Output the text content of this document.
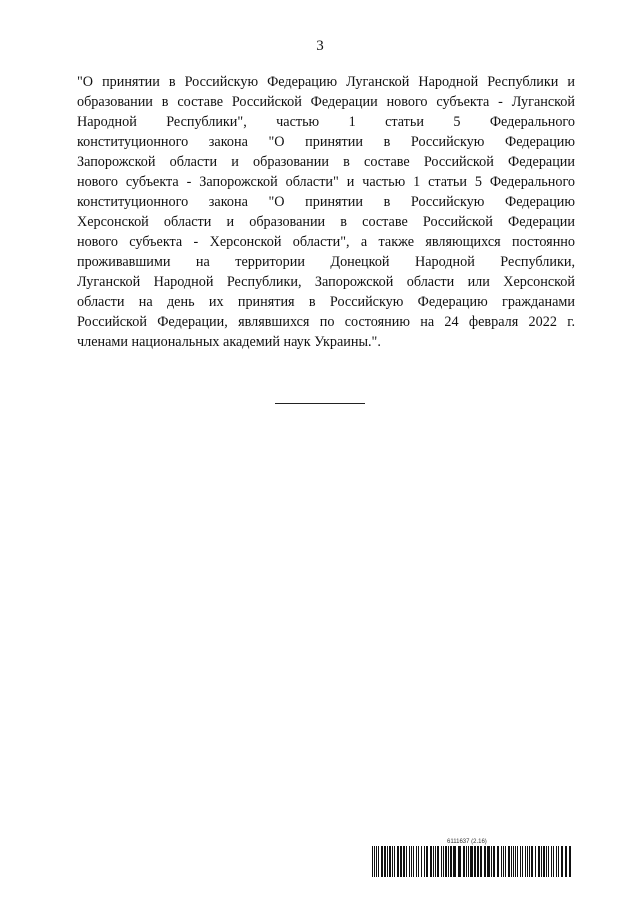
3
"О принятии в Российскую Федерацию Луганской Народной Республики и
образовании в составе Российской Федерации нового субъекта - Луганской
Народной Республики", частью 1 статьи 5 Федерального
конституционного закона "О принятии в Российскую Федерацию
Запорожской области и образовании в составе Российской Федерации
нового субъекта - Запорожской области" и частью 1 статьи 5 Федерального
конституционного закона "О принятии в Российскую Федерацию
Херсонской области и образовании в составе Российской Федерации
нового субъекта - Херсонской области", а также являющихся постоянно
проживавшими на территории Донецкой Народной Республики,
Луганской Народной Республики, Запорожской области или Херсонской
области на день их принятия в Российскую Федерацию гражданами
Российской Федерации, являвшихся по состоянию на 24 февраля 2022 г.
членами национальных академий наук Украины.".
6111637 (2.16)
